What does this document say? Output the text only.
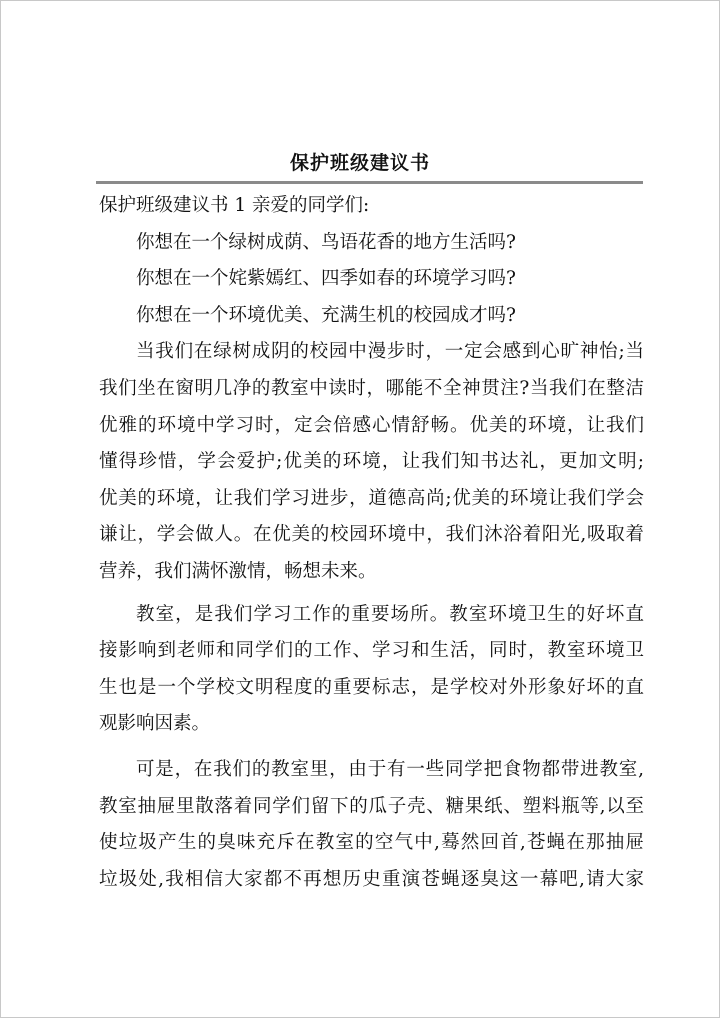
保护班级建议书
保护班级建议书 1 亲爱的同学们:
你想在一个绿树成荫、鸟语花香的地方生活吗?
你想在一个姹紫嫣红、四季如春的环境学习吗?
你想在一个环境优美、充满生机的校园成才吗?
当我们在绿树成阴的校园中漫步时，一定会感到心旷神怡;当
我们坐在窗明几净的教室中读时，哪能不全神贯注?当我们在整洁
优雅的环境中学习时，定会倍感心情舒畅。优美的环境，让我们
懂得珍惜，学会爱护;优美的环境，让我们知书达礼，更加文明;
优美的环境，让我们学习进步，道德高尚;优美的环境让我们学会
谦让，学会做人。在优美的校园环境中，我们沐浴着阳光,吸取着
营养，我们满怀激情，畅想未来。
教室，是我们学习工作的重要场所。教室环境卫生的好坏直
接影响到老师和同学们的工作、学习和生活，同时，教室环境卫
生也是一个学校文明程度的重要标志，是学校对外形象好坏的直
观影响因素。
可是，在我们的教室里，由于有一些同学把食物都带进教室,
教室抽屉里散落着同学们留下的瓜子壳、糖果纸、塑料瓶等,以至
使垃圾产生的臭味充斥在教室的空气中,蓦然回首,苍蝇在那抽屉
垃圾处,我相信大家都不再想历史重演苍蝇逐臭这一幕吧,请大家
